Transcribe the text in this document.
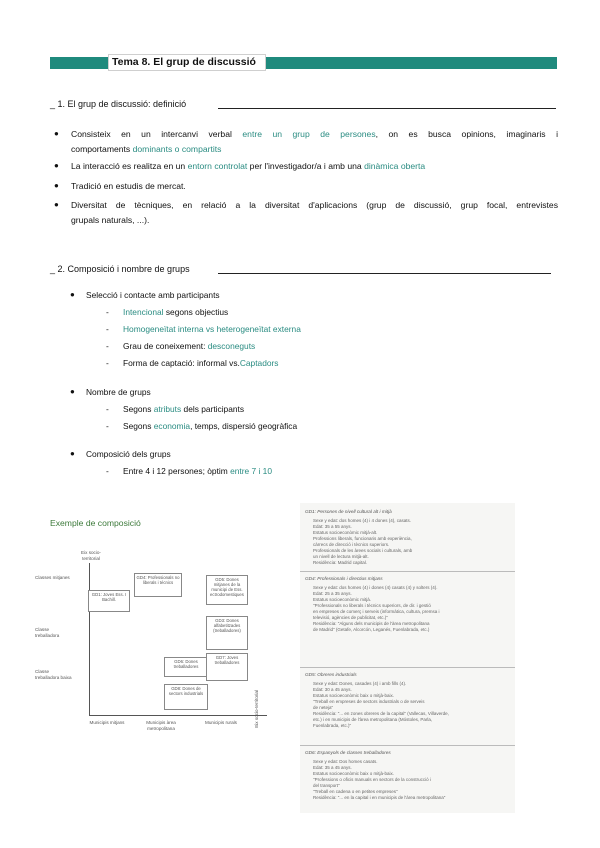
Tema 8. El grup de discussió
_ 1. El grup de discussió: definició
● Consisteix en un intercanvi verbal entre un grup de persones, on es busca opinions, imaginaris i
comportaments dominants o compartits
● La interacció es realitza en un entorn controlat per l'investigador/a i amb una dinàmica oberta
● Tradició en estudis de mercat.
● Diversitat de tècniques, en relació a la diversitat d'aplicacions (grup de discussió, grup focal, entrevistes
grupals naturals, ...).
_ 2. Composició i nombre de grups
● Selecció i contacte amb participants
- Intencional segons objectius
- Homogeneïtat interna vs heterogeneïtat externa
- Grau de coneixement: desconeguts
- Forma de captació: informal vs.Captadors
● Nombre de grups
- Segons atributs dels participants
- Segons economia, temps, dispersió geogràfica
● Composició dels grups
- Entre 4 i 12 persones; òptim entre 7 i 10
Exemple de composició
Eix socio-territorial
Classes mitjanes
Classe treballadora
Classe treballadora baixa
Municipis mitjans	Municipis àrea metropolitana
Municipis rurals	Eix socio-territorial
GD4: Professionals no liberals i técnics
GD1: Joves Ess. I Bachill.
GD5: Dones mitjanes de la municipi de Ess. ectrodomestiques
GD3: Dones alfabetitzades (treballadores)
GD6: Dones treballadores
GD7: Joves treballadores
GD8: Dones de sectors industrials
GD1: Persones de nivell cultural alt i mitjà
Sexe y edat: dos homes (4) i 4 dones (4), casats.
Edat: 35 a 55 anys.
Estatus socioeconòmic mitjà-alt.
Professions liberals, funcionaris amb experiència,
càrrecs de direcció i tècnics superiors.
Professionals de les àrees socials i culturals, amb
un nivell de lectura mitjà-alt.
Residència: Madrid capital.
GD4: Professionals i directius mitjans
Sexe y edat: dos homes (4) i dones (4) casats (4) y solters (4).
Edat: 25 a 35 anys.
Estatus socioeconòmic mitjà.
"Professionals no liberals i tècnics superiors, de dir. i gestió
en empreses de comerç i serveis (informàtica, cultura, premsa i
televisió, agències de publicitat, etc.)"
Residència: "Alguns dels municipis de l'àrea metropolitana
de Madrid" (Getafe, Alcorcón, Leganés, Fuenlabrada, etc.)
GD5: Obreres industrials
Sexe y edat: Dones, casades (4) i amb fills (4).
Edat: 30 a 45 anys.
Estatus socioeconòmic baix o mitjà-baix.
"Treball en empreses de sectors industrials o de serveis
de neteja"
Residència: "... en zones obreres de la capital" (Vallecas, Villaverde,
etc.) i en municipis de l'àrea metropolitana (Móstoles, Parla,
Fuenlabrada, etc.)"
GD6: Espanyols de classes treballadores
Sexe y edat: Dos homes casats.
Edat: 35 a 45 anys.
Estatus socioeconòmic baix o mitjà-baix.
"Professions o oficis manuals en sectors de la construcció i
del transport"
"Treball en cadena o en petites empreses"
Residència: "... en la capital i en municipis de l'àrea metropolitana"
